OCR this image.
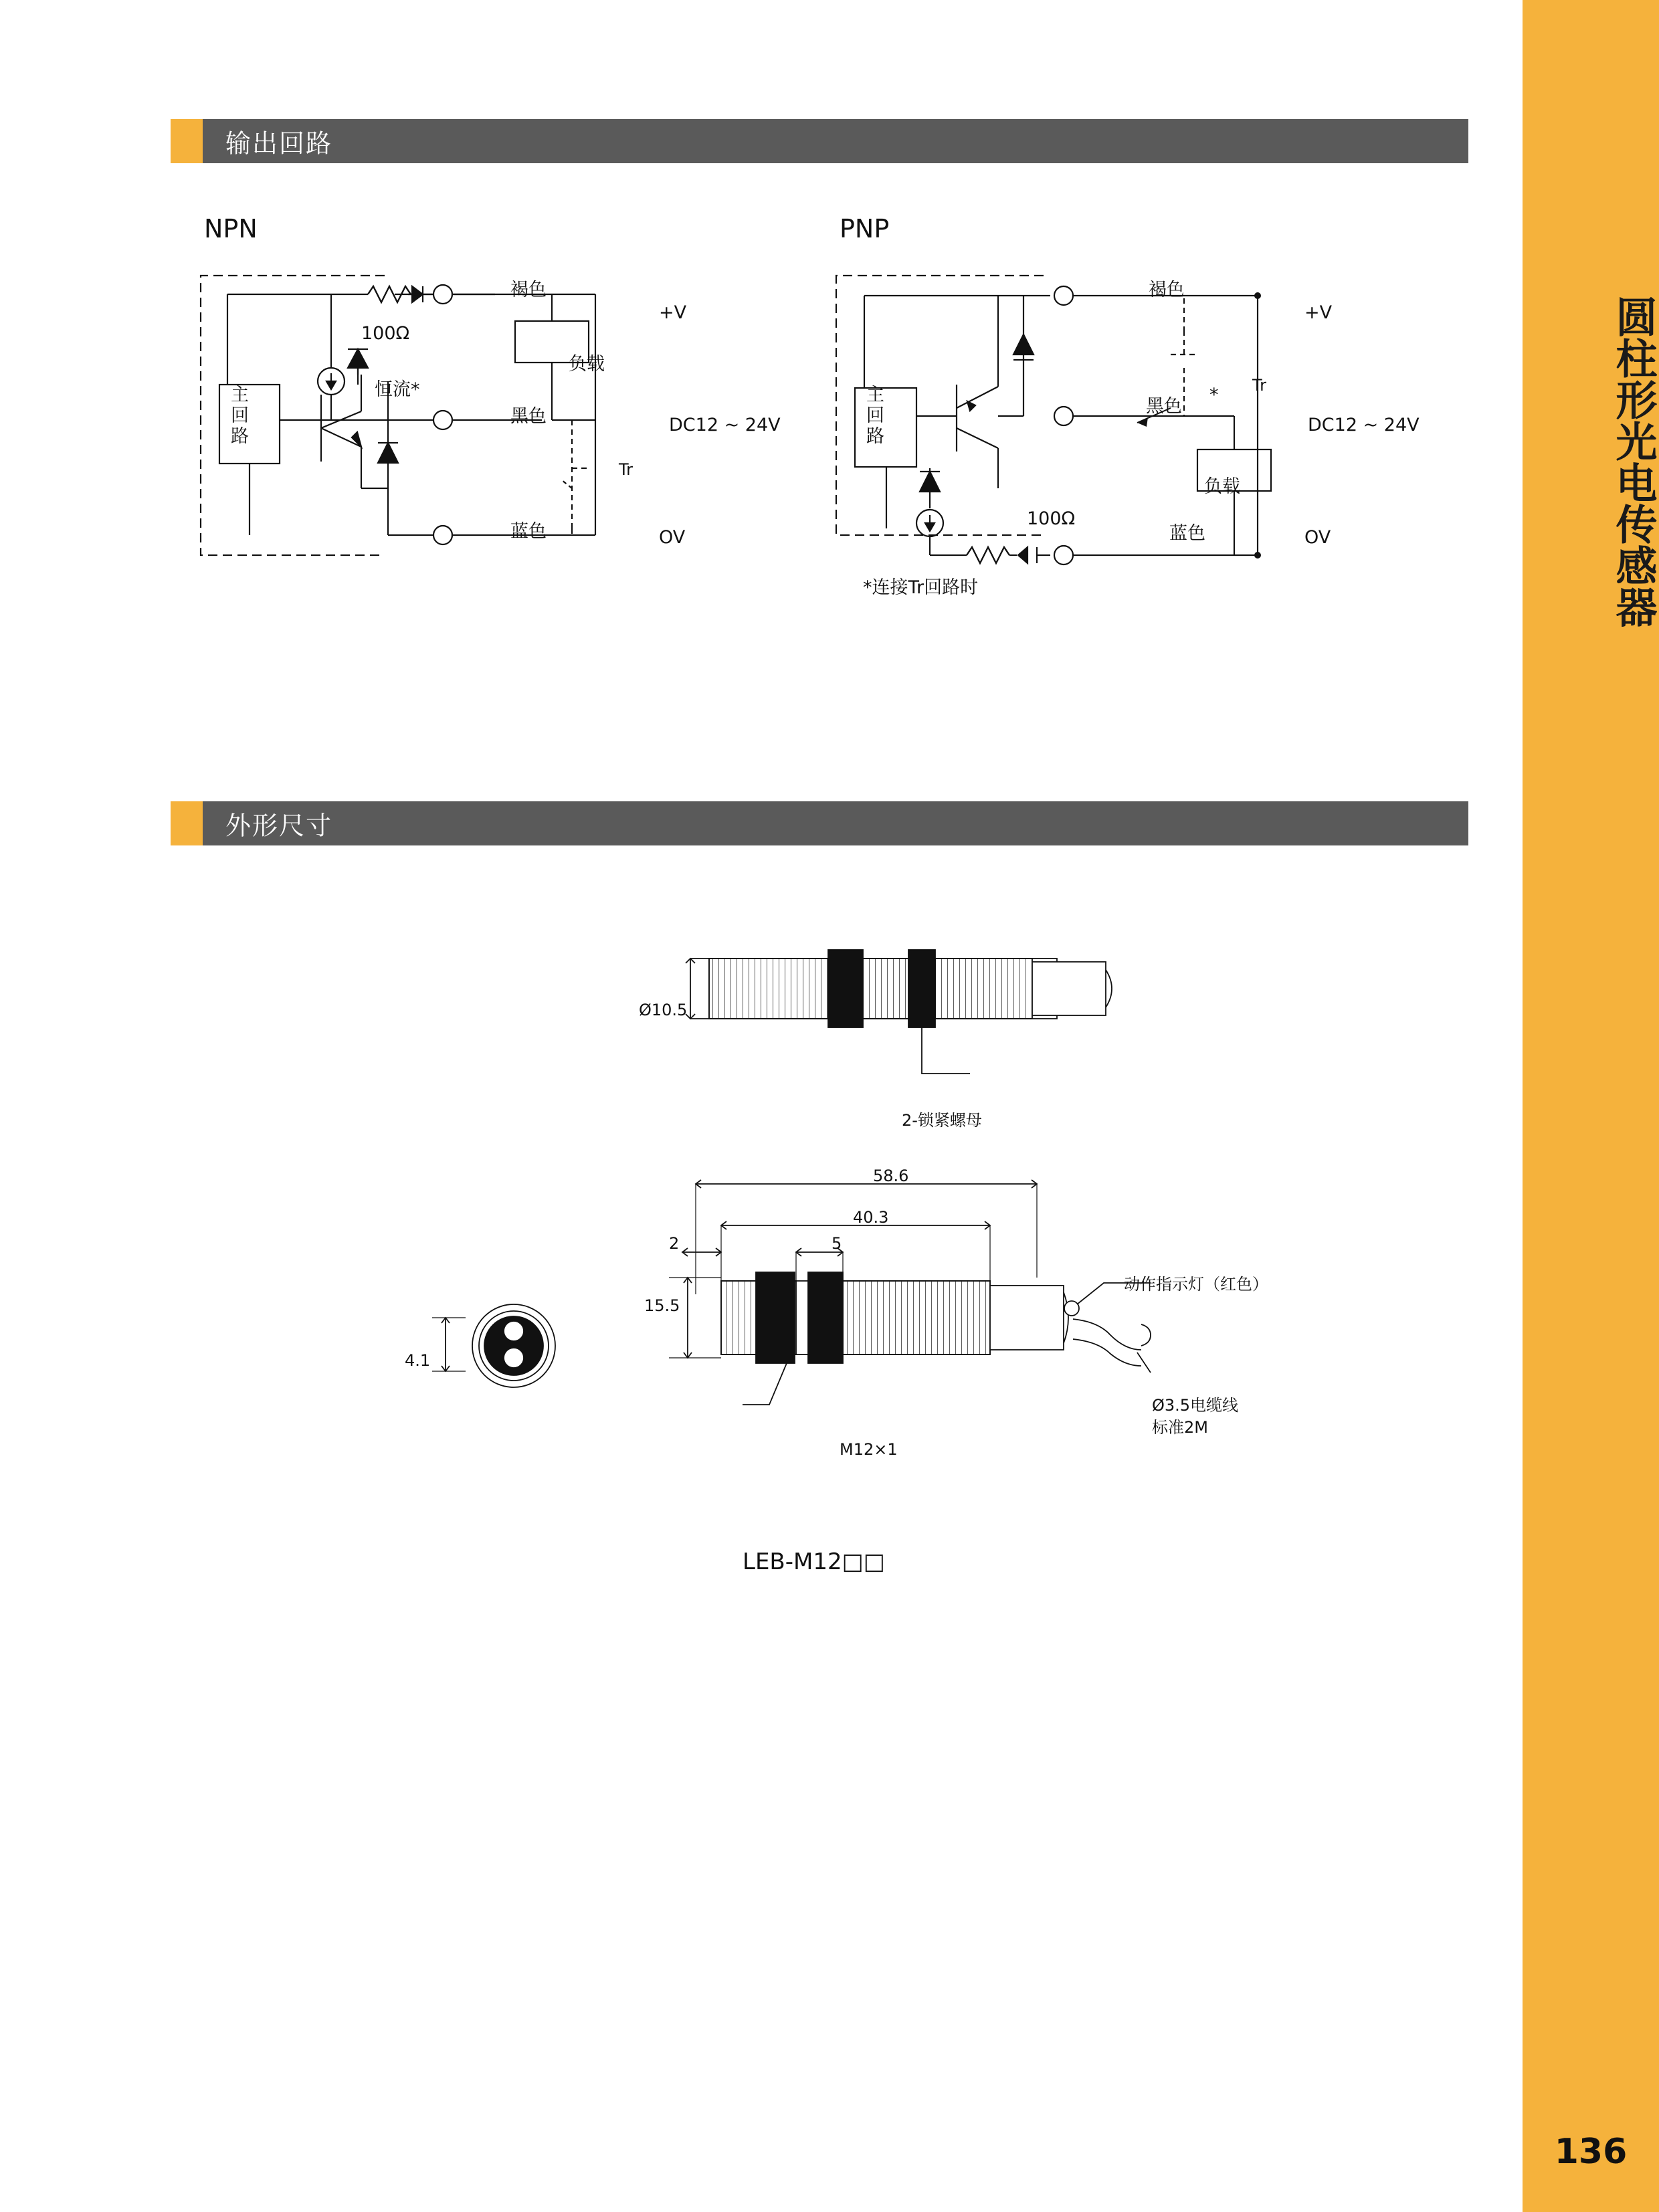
圆柱形光电传感器
136
输出回路
NPN
100Ω
恒流*
主
回
路
负载
褐色
黑色
蓝色
+V
OV
DC12 ~ 24V
Tr
PNP
主
回
路
100Ω
负载
褐色
黑色
蓝色
* Tr
+V
OV
DC12 ~ 24V
*连接Tr回路时
外形尺寸
Ø10.5
2-锁紧螺母
58.6
40.3
2	5
15.5
M12×1
动作指示灯（红色）
Ø3.5电缆线
标准2M
4.1
LEB-M12□□
